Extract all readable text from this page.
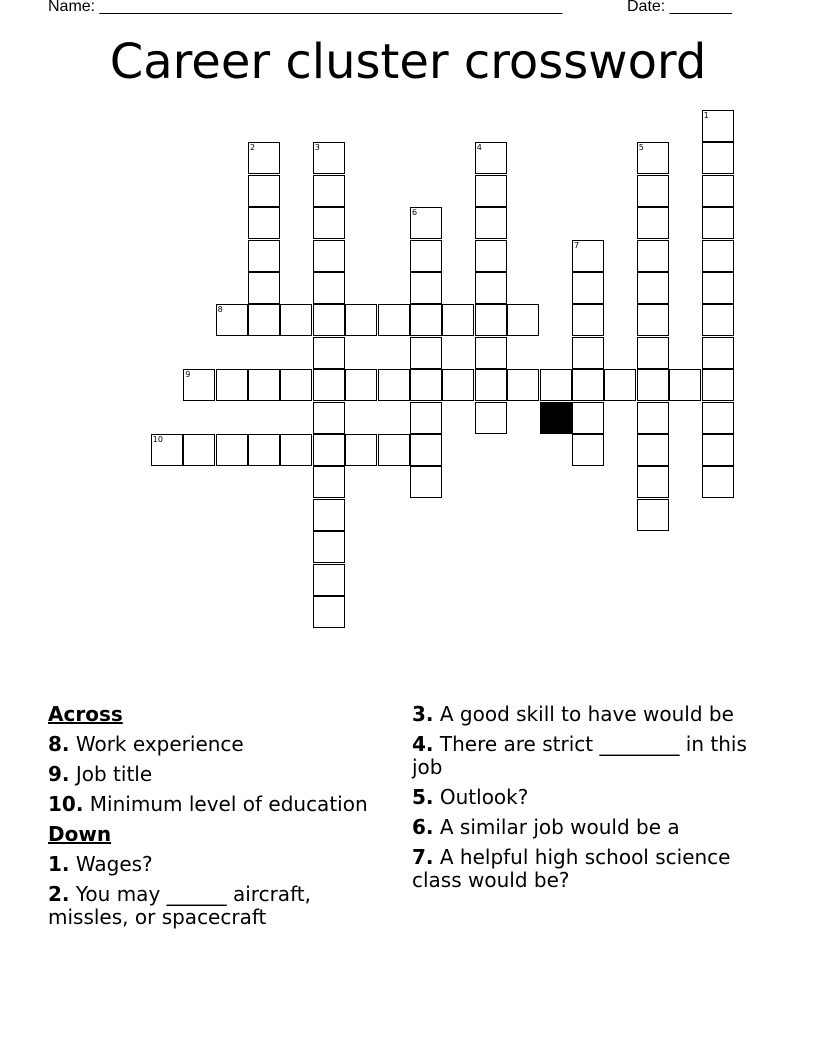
Name: ____________________________________________________	Date: _______
Career cluster crossword
1
2	3	4	5
6
7
8
9
10
Across
8. Work experience
9. Job title
10. Minimum level of education
Down
1. Wages?
2. You may ______ aircraft, missles, or spacecraft
3. A good skill to have would be
4. There are strict ________ in this job
5. Outlook?
6. A similar job would be a
7. A helpful high school science class would be?
